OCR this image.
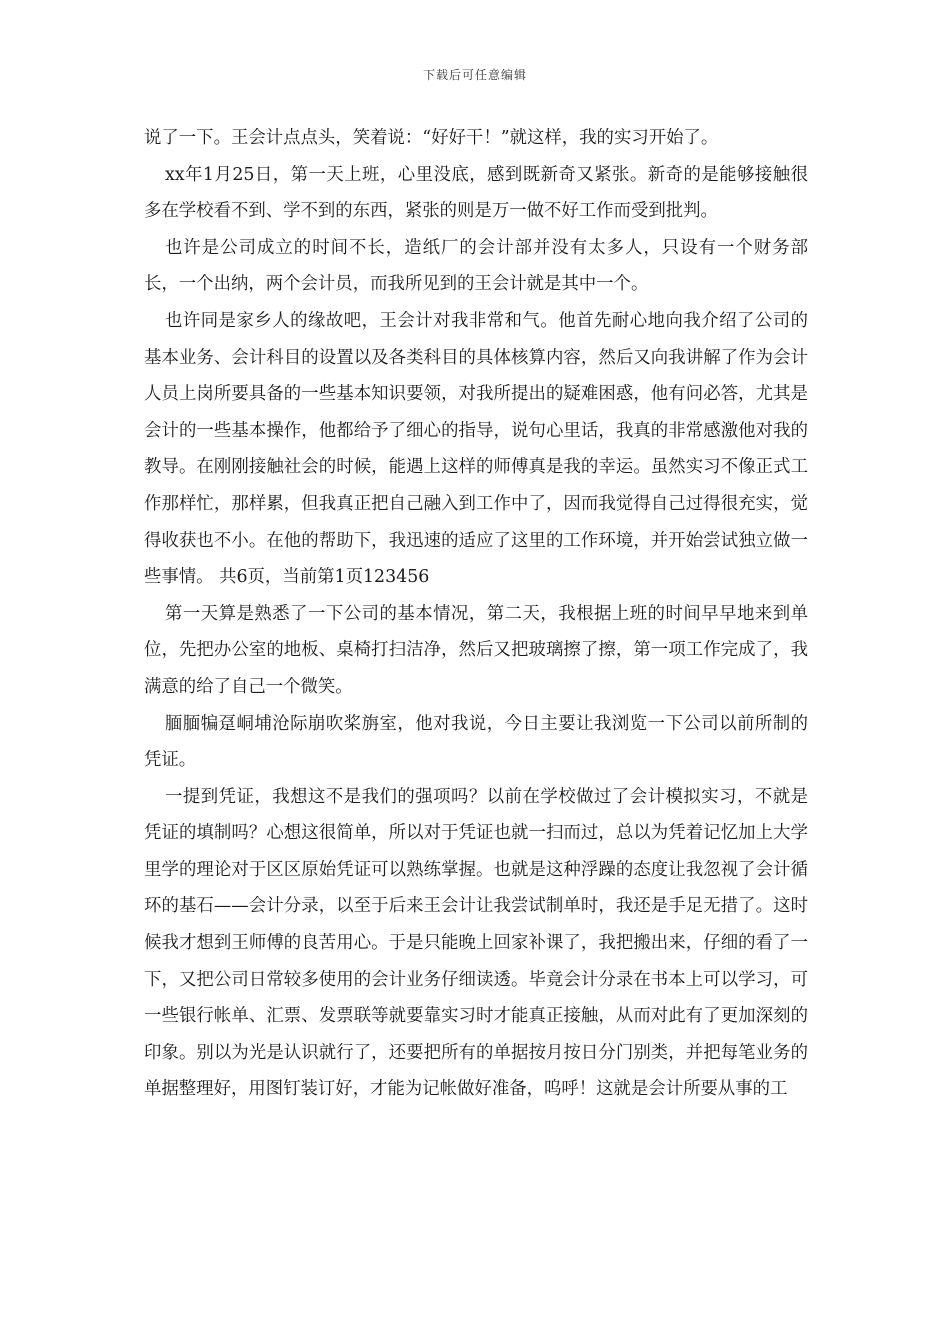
下载后可任意编辑

说了一下。王会计点点头，笑着说：“好好干！”就这样，我的实习开始了。

xx年1月25日，第一天上班，心里没底，感到既新奇又紧张。新奇的是能够接触很多在学校看不到、学不到的东西，紧张的则是万一做不好工作而受到批判。

也许是公司成立的时间不长，造纸厂的会计部并没有太多人，只设有一个财务部长，一个出纳，两个会计员，而我所见到的王会计就是其中一个。

也许同是家乡人的缘故吧，王会计对我非常和气。他首先耐心地向我介绍了公司的基本业务、会计科目的设置以及各类科目的具体核算内容，然后又向我讲解了作为会计人员上岗所要具备的一些基本知识要领，对我所提出的疑难困惑，他有问必答，尤其是会计的一些基本操作，他都给予了细心的指导，说句心里话，我真的非常感激他对我的教导。在刚刚接触社会的时候，能遇上这样的师傅真是我的幸运。虽然实习不像正式工作那样忙，那样累，但我真正把自己融入到工作中了，因而我觉得自己过得很充实，觉得收获也不小。在他的帮助下，我迅速的适应了这里的工作环境，并开始尝试独立做一些事情。 共6页，当前第1页123456

第一天算是熟悉了一下公司的基本情况，第二天，我根据上班的时间早早地来到单位，先把办公室的地板、桌椅打扫洁净，然后又把玻璃擦了擦，第一项工作完成了，我满意的给了自己一个微笑。

腼腼犏趸峒埔沧际崩吹桨旃室，他对我说，今日主要让我浏览一下公司以前所制的凭证。

一提到凭证，我想这不是我们的强项吗？以前在学校做过了会计模拟实习，不就是凭证的填制吗？心想这很简单，所以对于凭证也就一扫而过，总以为凭着记忆加上大学里学的理论对于区区原始凭证可以熟练掌握。也就是这种浮躁的态度让我忽视了会计循环的基石——会计分录，以至于后来王会计让我尝试制单时，我还是手足无措了。这时候我才想到王师傅的良苦用心。于是只能晚上回家补课了，我把搬出来，仔细的看了一下，又把公司日常较多使用的会计业务仔细读透。毕竟会计分录在书本上可以学习，可一些银行帐单、汇票、发票联等就要靠实习时才能真正接触，从而对此有了更加深刻的印象。别以为光是认识就行了，还要把所有的单据按月按日分门别类，并把每笔业务的单据整理好，用图钉装订好，才能为记帐做好准备，呜呼！这就是会计所要从事的工
